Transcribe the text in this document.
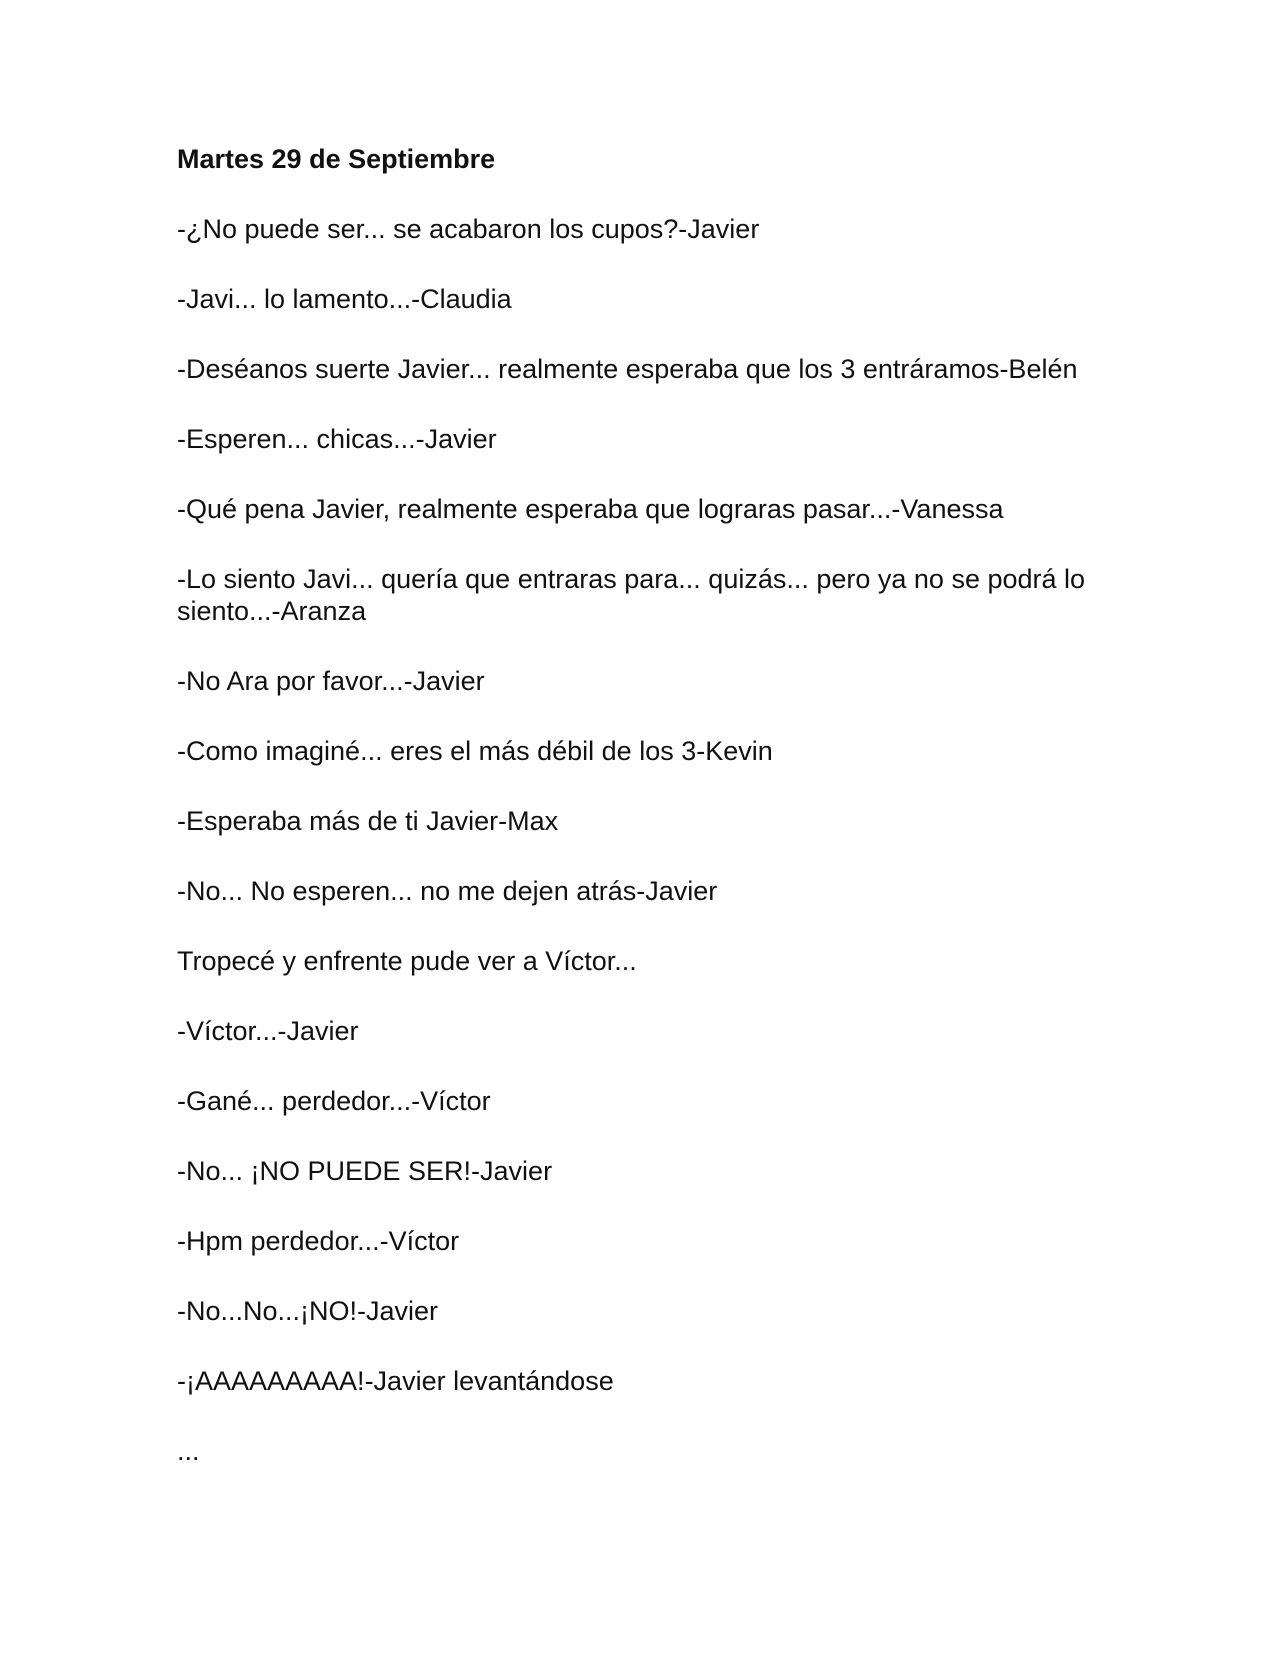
Martes 29 de Septiembre

-¿No puede ser... se acabaron los cupos?-Javier

-Javi... lo lamento...-Claudia

-Deséanos suerte Javier... realmente esperaba que los 3 entráramos-Belén

-Esperen... chicas...-Javier

-Qué pena Javier, realmente esperaba que lograras pasar...-Vanessa

-Lo siento Javi... quería que entraras para... quizás... pero ya no se podrá lo siento...-Aranza

-No Ara por favor...-Javier

-Como imaginé... eres el más débil de los 3-Kevin

-Esperaba más de ti Javier-Max

-No... No esperen... no me dejen atrás-Javier

Tropecé y enfrente pude ver a Víctor...

-Víctor...-Javier

-Gané... perdedor...-Víctor

-No... ¡NO PUEDE SER!-Javier

-Hpm perdedor...-Víctor

-No...No...¡NO!-Javier

-¡AAAAAAAAA!-Javier levantándose

...
